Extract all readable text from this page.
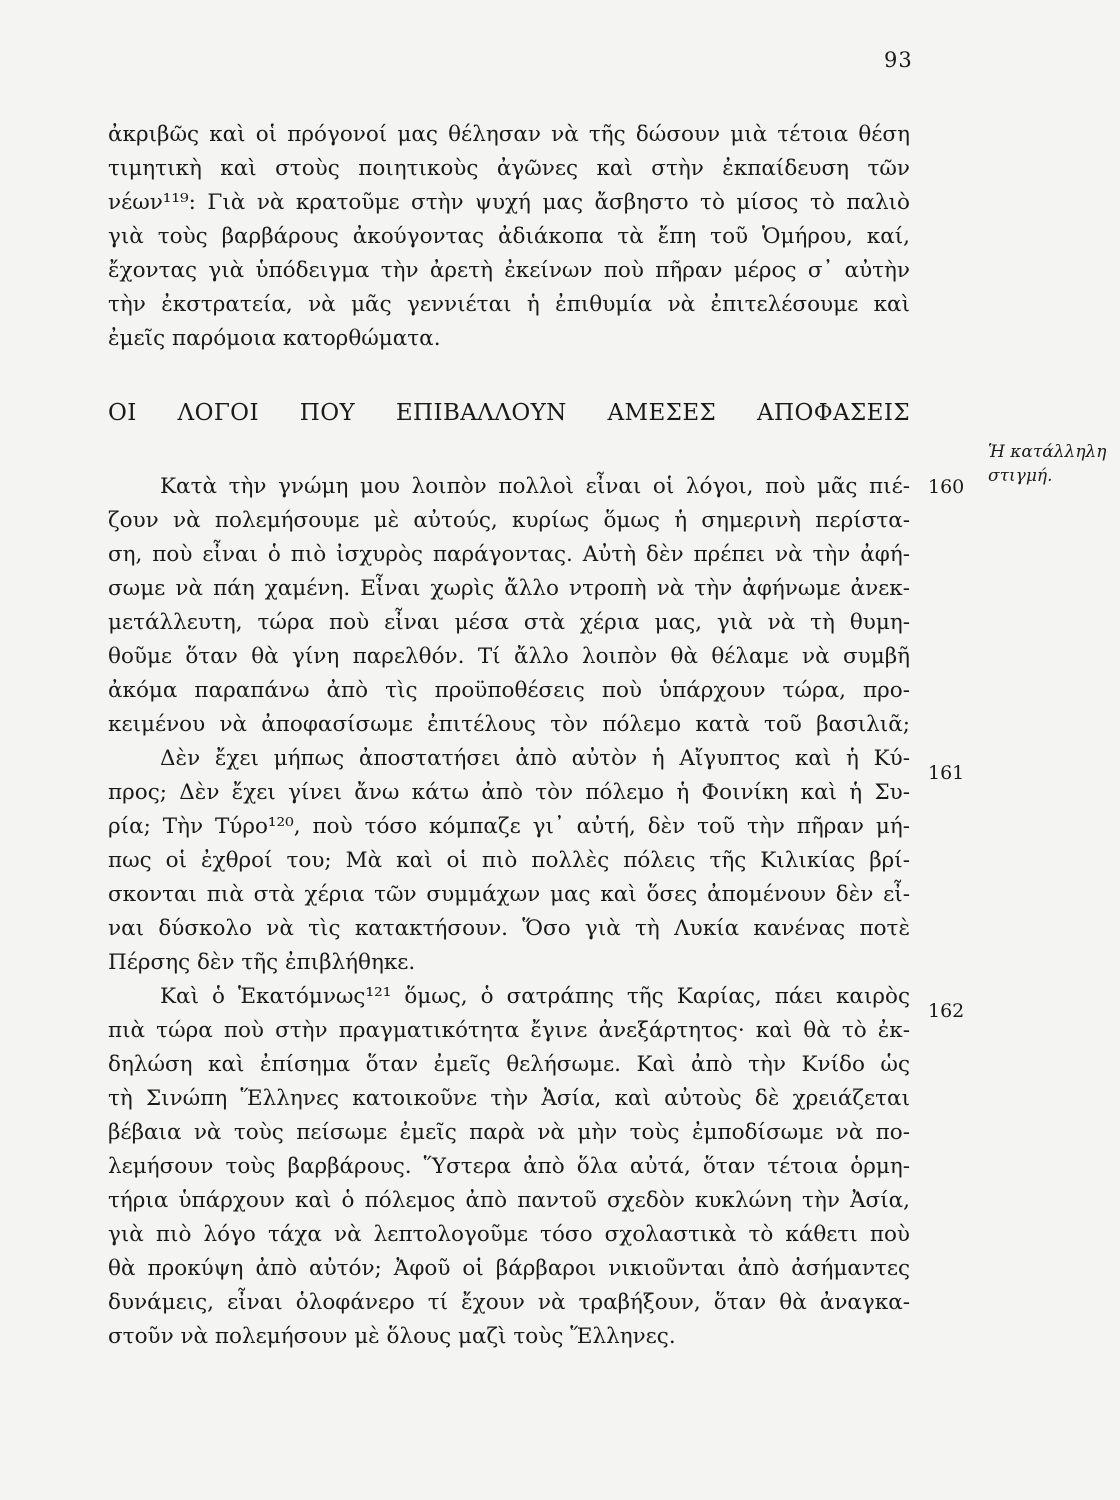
93
ἀκριβῶς καὶ οἱ πρόγονοί μας θέλησαν νὰ τῆς δώσουν μιὰ τέτοια θέση
τιμητικὴ καὶ στοὺς ποιητικοὺς ἀγῶνες καὶ στὴν ἐκπαίδευση τῶν
νέων¹¹⁹: Γιὰ νὰ κρατοῦμε στὴν ψυχή μας ἄσβηστο τὸ μίσος τὸ παλιὸ
γιὰ τοὺς βαρβάρους ἀκούγοντας ἀδιάκοπα τὰ ἔπη τοῦ Ὁμήρου, καί,
ἔχοντας γιὰ ὑπόδειγμα τὴν ἀρετὴ ἐκείνων ποὺ πῆραν μέρος σ᾽ αὐτὴν
τὴν ἐκστρατεία, νὰ μᾶς γεννιέται ἡ ἐπιθυμία νὰ ἐπιτελέσουμε καὶ
ἐμεῖς παρόμοια κατορθώματα.
ΟΙ ΛΟΓΟΙ ΠΟΥ ΕΠΙΒΑΛΛΟΥΝ ΑΜΕΣΕΣ ΑΠΟΦΑΣΕΙΣ
Ἡ κατάλληλη
στιγμή.
Κατὰ τὴν γνώμη μου λοιπὸν πολλοὶ εἶναι οἱ λόγοι, ποὺ μᾶς πιέ-
ζουν νὰ πολεμήσουμε μὲ αὐτούς, κυρίως ὅμως ἡ σημερινὴ περίστα-
ση, ποὺ εἶναι ὁ πιὸ ἰσχυρὸς παράγοντας. Αὐτὴ δὲν πρέπει νὰ τὴν ἀφή-
σωμε νὰ πάη χαμένη. Εἶναι χωρὶς ἄλλο ντροπὴ νὰ τὴν ἀφήνωμε ἀνεκ-
μετάλλευτη, τώρα ποὺ εἶναι μέσα στὰ χέρια μας, γιὰ νὰ τὴ θυμη-
θοῦμε ὅταν θὰ γίνη παρελθόν. Τί ἄλλο λοιπὸν θὰ θέλαμε νὰ συμβῆ
ἀκόμα παραπάνω ἀπὸ τὶς προϋποθέσεις ποὺ ὑπάρχουν τώρα, προ-
κειμένου νὰ ἀποφασίσωμε ἐπιτέλους τὸν πόλεμο κατὰ τοῦ βασιλιᾶ;
Δὲν ἔχει μήπως ἀποστατήσει ἀπὸ αὐτὸν ἡ Αἴγυπτος καὶ ἡ Κύ-
προς; Δὲν ἔχει γίνει ἄνω κάτω ἀπὸ τὸν πόλεμο ἡ Φοινίκη καὶ ἡ Συ-
ρία; Τὴν Τύρο¹²⁰, ποὺ τόσο κόμπαζε γι᾽ αὐτή, δὲν τοῦ τὴν πῆραν μή-
πως οἱ ἐχθροί του; Μὰ καὶ οἱ πιὸ πολλὲς πόλεις τῆς Κιλικίας βρί-
σκονται πιὰ στὰ χέρια τῶν συμμάχων μας καὶ ὅσες ἀπομένουν δὲν εἶ-
ναι δύσκολο νὰ τὶς κατακτήσουν. Ὅσο γιὰ τὴ Λυκία κανένας ποτὲ
Πέρσης δὲν τῆς ἐπιβλήθηκε.
Καὶ ὁ Ἑκατόμνως¹²¹ ὅμως, ὁ σατράπης τῆς Καρίας, πάει καιρὸς
πιὰ τώρα ποὺ στὴν πραγματικότητα ἔγινε ἀνεξάρτητος· καὶ θὰ τὸ ἐκ-
δηλώση καὶ ἐπίσημα ὅταν ἐμεῖς θελήσωμε. Καὶ ἀπὸ τὴν Κνίδο ὡς
τὴ Σινώπη Ἕλληνες κατοικοῦνε τὴν Ἀσία, καὶ αὐτοὺς δὲ χρειάζεται
βέβαια νὰ τοὺς πείσωμε ἐμεῖς παρὰ νὰ μὴν τοὺς ἐμποδίσωμε νὰ πο-
λεμήσουν τοὺς βαρβάρους. Ὕστερα ἀπὸ ὅλα αὐτά, ὅταν τέτοια ὁρμη-
τήρια ὑπάρχουν καὶ ὁ πόλεμος ἀπὸ παντοῦ σχεδὸν κυκλώνη τὴν Ἀσία,
γιὰ πιὸ λόγο τάχα νὰ λεπτολογοῦμε τόσο σχολαστικὰ τὸ κάθετι ποὺ
θὰ προκύψη ἀπὸ αὐτόν; Ἀφοῦ οἱ βάρβαροι νικιοῦνται ἀπὸ ἀσήμαντες
δυνάμεις, εἶναι ὁλοφάνερο τί ἔχουν νὰ τραβήξουν, ὅταν θὰ ἀναγκα-
στοῦν νὰ πολεμήσουν μὲ ὅλους μαζὶ τοὺς Ἕλληνες.
160
161
162
